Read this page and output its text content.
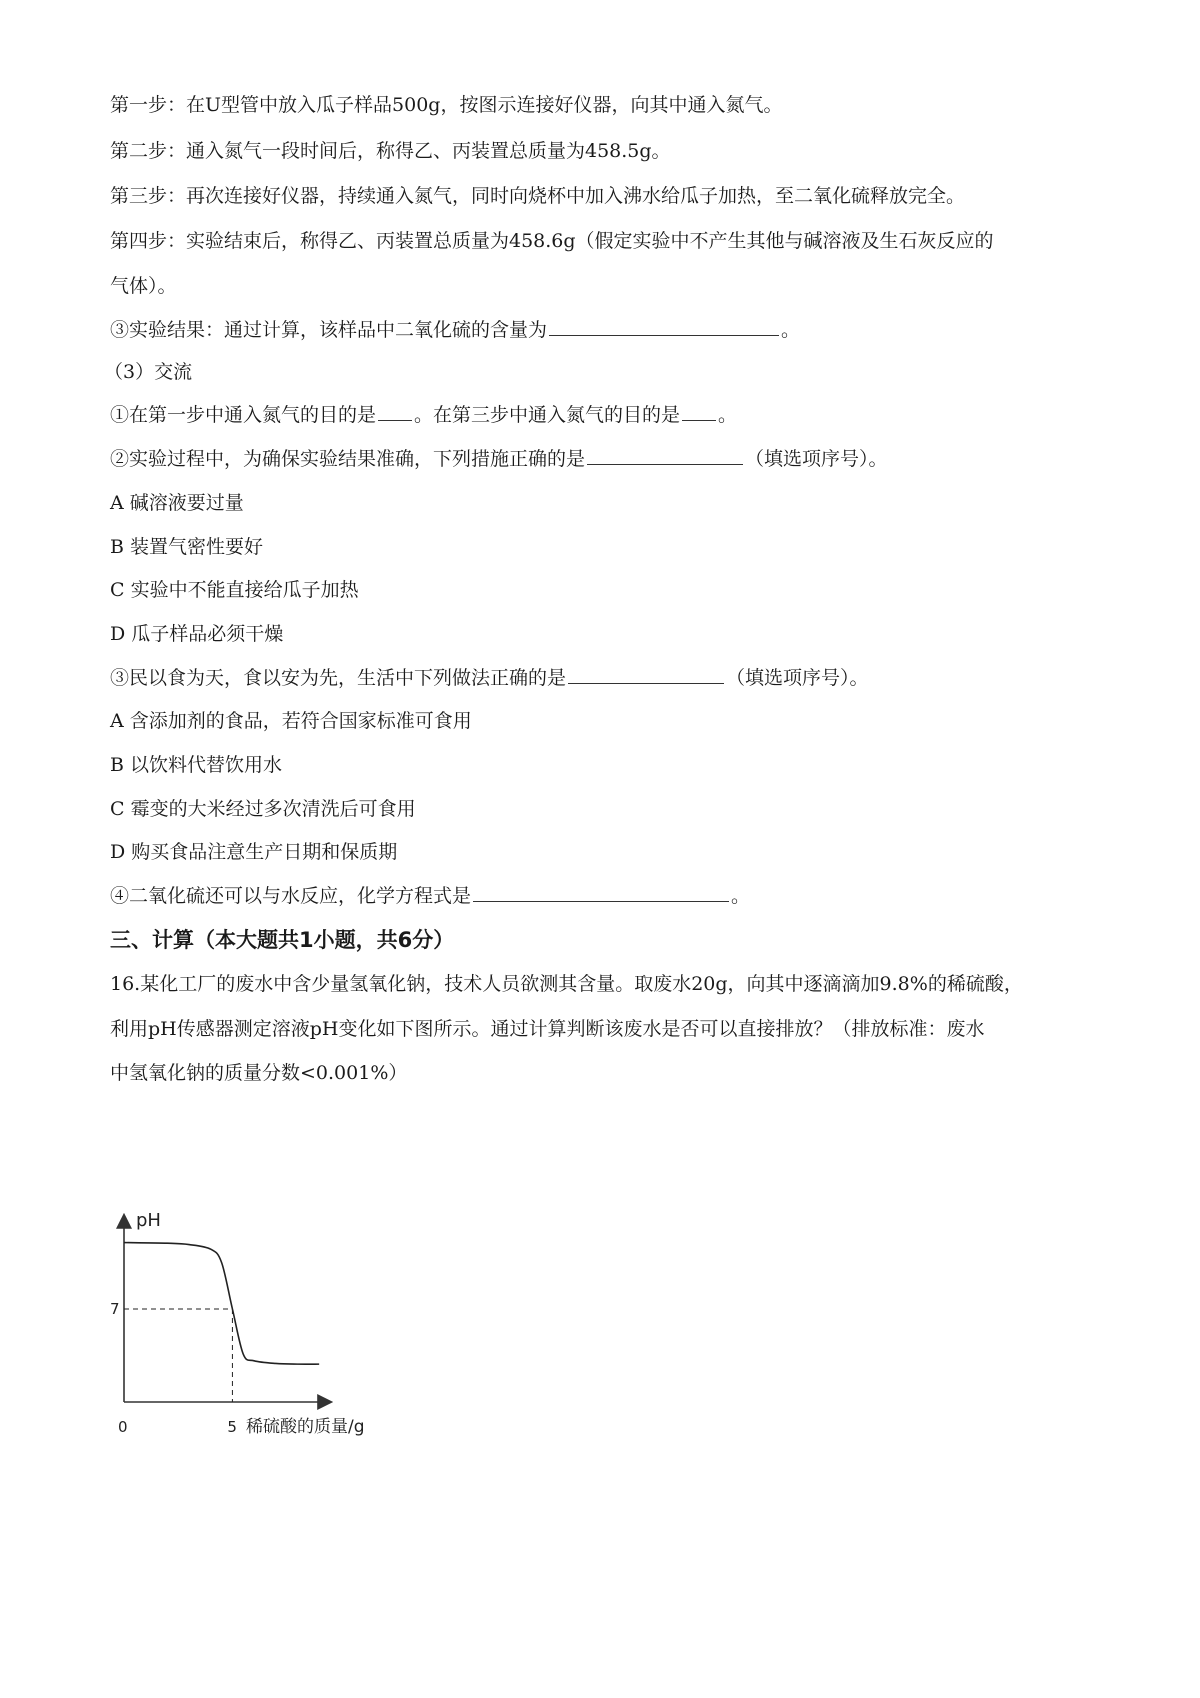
第一步：在U型管中放入瓜子样品500g，按图示连接好仪器，向其中通入氮气。
第二步：通入氮气一段时间后，称得乙、丙装置总质量为458.5g。
第三步：再次连接好仪器，持续通入氮气，同时向烧杯中加入沸水给瓜子加热，至二氧化硫释放完全。
第四步：实验结束后，称得乙、丙装置总质量为458.6g（假定实验中不产生其他与碱溶液及生石灰反应的
气体）。
③实验结果：通过计算，该样品中二氧化硫的含量为	。
（3）交流
①在第一步中通入氮气的目的是 。在第三步中通入氮气的目的是 。
②实验过程中，为确保实验结果准确，下列措施正确的是	（填选项序号）。
A 碱溶液要过量
B 装置气密性要好
C 实验中不能直接给瓜子加热
D 瓜子样品必须干燥
③民以食为天，食以安为先，生活中下列做法正确的是	（填选项序号）。
A 含添加剂的食品，若符合国家标准可食用
B 以饮料代替饮用水
C 霉变的大米经过多次清洗后可食用
D 购买食品注意生产日期和保质期
④二氧化硫还可以与水反应，化学方程式是	。
三、计算（本大题共1小题，共6分）
16.某化工厂的废水中含少量氢氧化钠，技术人员欲测其含量。取废水20g，向其中逐滴滴加9.8%的稀硫酸，
利用pH传感器测定溶液pH变化如下图所示。通过计算判断该废水是否可以直接排放？（排放标准：废水
中氢氧化钠的质量分数<0.001%）
pH
稀硫酸的质量/g
0	5
7
